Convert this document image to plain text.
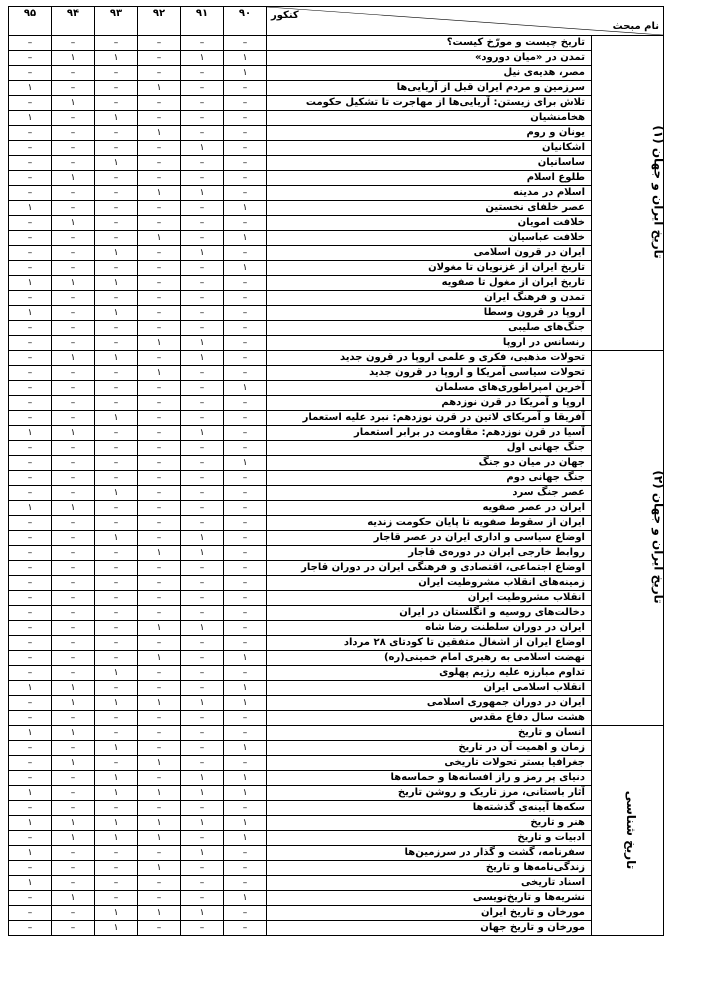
۹۵	۹۴	۹۳	۹۲	۹۱	۹۰	کنکور
نام مبحث	

–	–	–	–	–	–	تاریخ چیست و مورّخ کیست؟	تاریخ ایران و جهان (۱)
–	۱	۱	–	۱	۱	تمدن در «میان دورود»	
–	–	–	–	–	۱	مصر، هدیه‌ی نیل	
۱	–	–	۱	–	–	سرزمین و مردم ایران قبل از آریایی‌ها	
–	۱	–	–	–	–	تلاش برای زیستن: آریایی‌ها از مهاجرت تا تشکیل حکومت	
۱	–	۱	–	–	–	هخامنشیان	
–	–	–	۱	–	–	یونان و روم	
–	–	–	–	۱	–	اشکانیان	
–	–	۱	–	–	–	ساسانیان	
–	۱	–	–	–	–	طلوع اسلام	
–	–	–	۱	۱	–	اسلام در مدینه	
۱	–	–	–	–	۱	عصر خلفای نخستین	
–	۱	–	–	–	–	خلافت امویان	
–	–	–	۱	–	۱	خلافت عباسیان	
–	–	۱	–	۱	–	ایران در قرون اسلامی	
–	–	–	–	–	۱	تاریخ ایران از غزنویان تا مغولان	
۱	۱	۱	–	–	–	تاریخ ایران از مغول تا صفویه	
–	–	–	–	–	–	تمدن و فرهنگ ایران	
۱	–	۱	–	–	–	اروپا در قرون وسطا	
–	–	–	–	–	–	جنگ‌های صلیبی	
–	–	–	۱	۱	–	رنسانس در اروپا	
–	۱	۱	–	۱	–	تحولات مذهبی، فکری و علمی اروپا در قرون جدید	تاریخ ایران و جهان (۲)
–	–	–	۱	–	–	تحولات سیاسی آمریکا و اروپا در قرون جدید	
–	–	–	–	–	۱	آخرین امپراطوری‌های مسلمان	
–	–	–	–	–	–	اروپا و آمریکا در قرن نوزدهم	
–	–	۱	–	–	–	آفریقا و آمریکای لاتین در قرن نوزدهم: نبرد علیه استعمار	
۱	۱	–	–	۱	–	آسیا در قرن نوزدهم: مقاومت در برابر استعمار	
–	–	–	–	–	–	جنگ جهانی اول	
–	–	–	–	–	۱	جهان در میان دو جنگ	
–	–	–	–	–	–	جنگ جهانی دوم	
–	–	۱	–	–	–	عصر جنگ سرد	
۱	۱	–	–	–	–	ایران در عصر صفویه	
–	–	–	–	–	–	ایران از سقوط صفویه تا پایان حکومت زندیه	
–	–	۱	–	۱	–	اوضاع سیاسی و اداری ایران در عصر قاجار	
–	–	–	۱	۱	–	روابط خارجی ایران در دوره‌ی قاجار	
–	–	–	–	–	–	اوضاع اجتماعی، اقتصادی و فرهنگی ایران در دوران قاجار	
–	–	–	–	–	–	زمینه‌های انقلاب مشروطیت ایران	
–	–	–	–	–	–	انقلاب مشروطیت ایران	
–	–	–	–	–	–	دخالت‌های روسیه و انگلستان در ایران	
–	–	–	۱	۱	–	ایران در دوران سلطنت رضا شاه	
–	–	–	–	–	–	اوضاع ایران از اشغال متفقین تا کودتای ۲۸ مرداد	
–	–	–	۱	–	۱	نهضت اسلامی به رهبری امام خمینی(ره)	
–	–	۱	–	–	–	تداوم مبارزه علیه رژیم پهلوی	
۱	۱	–	–	–	۱	انقلاب اسلامی ایران	
–	۱	۱	۱	۱	۱	ایران در دوران جمهوری اسلامی	
–	–	–	–	–	–	هشت سال دفاع مقدس	
۱	۱	–	–	–	–	انسان و تاریخ	تاریخ شناسی
–	–	۱	–	–	۱	زمان و اهمیت آن در تاریخ	
–	۱	–	۱	–	–	جغرافیا بستر تحولات تاریخی	
–	–	۱	–	۱	۱	دنیای پر رمز و راز افسانه‌ها و حماسه‌ها	
۱	–	۱	۱	۱	۱	آثار باستانی، مرز تاریک و روشن تاریخ	
–	–	–	–	–	–	سکه‌ها آیینه‌ی گذشته‌ها	
۱	۱	۱	۱	۱	۱	هنر و تاریخ	
–	۱	۱	۱	–	۱	ادبیات و تاریخ	
۱	–	–	–	۱	–	سفرنامه، گشت و گذار در سرزمین‌ها	
–	–	–	۱	–	–	زندگی‌نامه‌ها و تاریخ	
۱	–	–	–	–	–	اسناد تاریخی	
–	۱	–	–	–	۱	نشریه‌ها و تاریخ‌نویسی	
–	–	۱	۱	۱	–	مورخان و تاریخ ایران	
–	–	۱	–	–	–	مورخان و تاریخ جهان	
